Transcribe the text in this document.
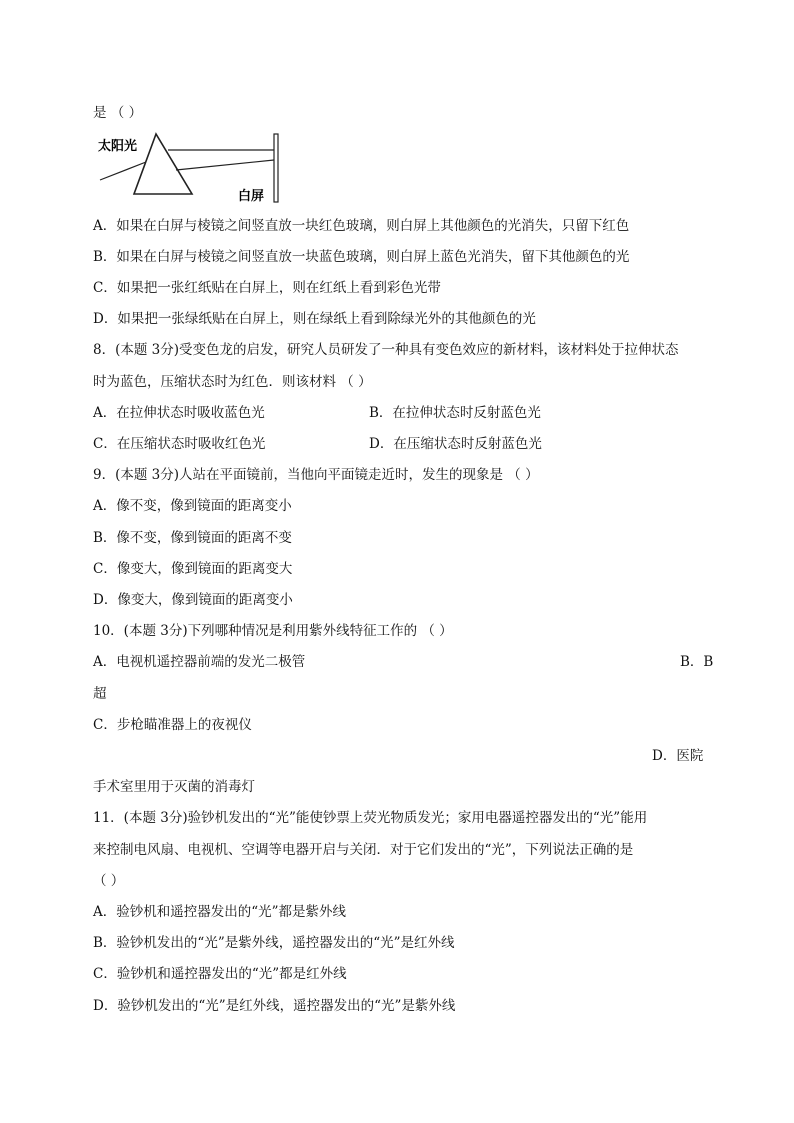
是 （ ）
太阳光
白屏
A．如果在白屏与棱镜之间竖直放一块红色玻璃，则白屏上其他颜色的光消失，只留下红色
B．如果在白屏与棱镜之间竖直放一块蓝色玻璃，则白屏上蓝色光消失，留下其他颜色的光
C．如果把一张红纸贴在白屏上，则在红纸上看到彩色光带
D．如果把一张绿纸贴在白屏上，则在绿纸上看到除绿光外的其他颜色的光
8．(本题 3分)受变色龙的启发，研究人员研发了一种具有变色效应的新材料，该材料处于拉伸状态
时为蓝色，压缩状态时为红色．则该材料 （ ）
A．在拉伸状态时吸收蓝色光	B．在拉伸状态时反射蓝色光
C．在压缩状态时吸收红色光	D．在压缩状态时反射蓝色光
9．(本题 3分)人站在平面镜前，当他向平面镜走近时，发生的现象是 （ ）
A．像不变，像到镜面的距离变小
B．像不变，像到镜面的距离不变
C．像变大，像到镜面的距离变大
D．像变大，像到镜面的距离变小
10．(本题 3分)下列哪种情况是利用紫外线特征工作的 （ ）
A．电视机遥控器前端的发光二极管	B．B
超
C．步枪瞄准器上的夜视仪
D．医院
手术室里用于灭菌的消毒灯
11．(本题 3分)验钞机发出的“光”能使钞票上荧光物质发光；家用电器遥控器发出的“光”能用
来控制电风扇、电视机、空调等电器开启与关闭．对于它们发出的“光”，下列说法正确的是
（ ）
A．验钞机和遥控器发出的“光”都是紫外线
B．验钞机发出的“光”是紫外线，遥控器发出的“光”是红外线
C．验钞机和遥控器发出的“光”都是红外线
D．验钞机发出的“光”是红外线，遥控器发出的“光”是紫外线
